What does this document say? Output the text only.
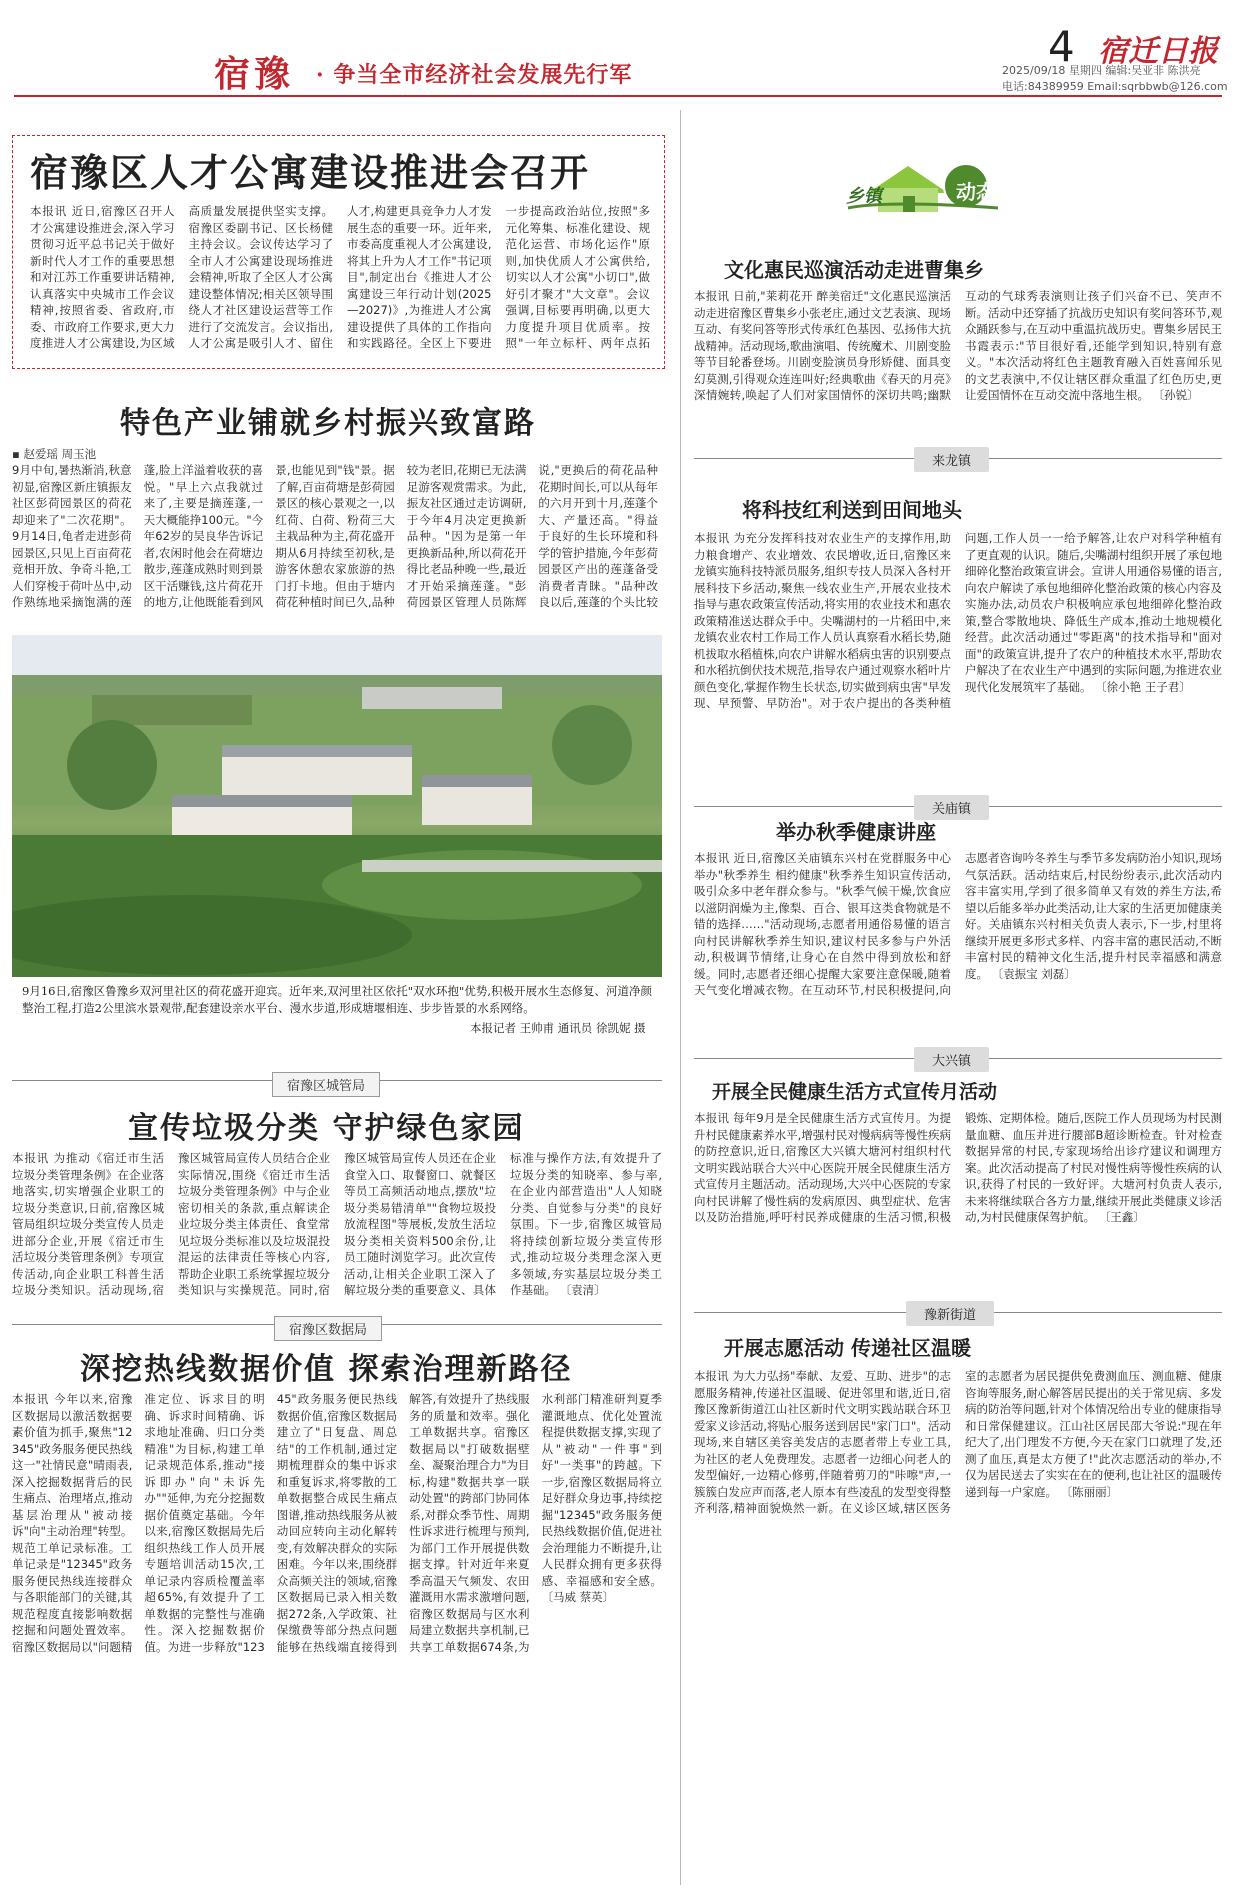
宿豫 · 争当全市经济社会发展先行军
4 宿迁日报
2025/09/18 星期四 编辑:吴亚非 陈洪亮
电话:84389959 Email:sqrbbwb@126.com
宿豫区人才公寓建设推进会召开
本报讯 近日,宿豫区召开人才公寓建设推进会,深入学习贯彻习近平总书记关于做好新时代人才工作的重要思想和对江苏工作重要讲话精神,认真落实中央城市工作会议精神,按照省委、省政府,市委、市政府工作要求,更大力度推进人才公寓建设,为区域高质量发展提供坚实支撑。宿豫区委副书记、区长杨健主持会议。会议传达学习了全市人才公寓建设现场推进会精神,听取了全区人才公寓建设整体情况;相关区领导围绕人才社区建设运营等工作进行了交流发言。会议指出,人才公寓是吸引人才、留住人才,构建更具竞争力人才发展生态的重要一环。近年来,市委高度重视人才公寓建设,将其上升为人才工作"书记项目",制定出台《推进人才公寓建设三年行动计划(2025—2027)》,为推进人才公寓建设提供了具体的工作指向和实践路径。全区上下要进一步提高政治站位,按照"多元化筹集、标准化建设、规范化运营、市场化运作"原则,加快优质人才公寓供给,切实以人才公寓"小切口",做好引才聚才"大文章"。会议强调,目标要再明确,以更大力度提升项目优质率。按照"一年立标杆、两年点拓
特色产业铺就乡村振兴致富路
▪ 赵爱瑶 周玉池
9月中旬,暑热渐消,秋意初显,宿豫区新庄镇振友社区彭荷园景区的荷花却迎来了"二次花期"。9月14日,龟者走进彭荷园景区,只见上百亩荷花竞相开放、争奇斗艳,工人们穿梭于荷叶丛中,动作熟练地采摘饱满的莲蓬,脸上洋溢着收获的喜悦。"早上六点我就过来了,主要是摘莲蓬,一天大概能挣100元。"今年62岁的吴良华告诉记者,农闲时他会在荷塘边散步,莲蓬成熟时则到景区干活赚钱,这片荷花开的地方,让他既能看到风景,也能见到"钱"景。据了解,百亩荷塘是彭荷园景区的核心景观之一,以红荷、白荷、粉荷三大主栽品种为主,荷花盛开期从6月持续至初秋,是游客休憩农家旅游的热门打卡地。但由于塘内荷花种植时间已久,品种较为老旧,花期已无法满足游客观赏需求。为此,振友社区通过走访调研,于今年4月决定更换新品种。"因为是第一年更换新品种,所以荷花开得比老品种晚一些,最近才开始采摘莲蓬。"彭荷园景区管理人员陈辉说,"更换后的荷花品种花期时间长,可以从每年的六月开到十月,莲蓬个大、产量还高。"得益于良好的生长环境和科学的管护措施,今年彭荷园景区产出的莲蓬备受消费者青睐。"品种改良以后,莲蓬的个头比较
9月16日,宿豫区鲁豫乡双河里社区的荷花盛开迎宾。近年来,双河里社区依托"双水环抱"优势,积极开展水生态修复、河道净颜整治工程,打造2公里滨水景观带,配套建设亲水平台、漫水步道,形成塘堰相连、步步皆景的水系网络。
本报记者 王帅甫 通讯员 徐凯妮 摄
宿豫区城管局
宣传垃圾分类 守护绿色家园
本报讯 为推动《宿迁市生活垃圾分类管理条例》在企业落地落实,切实增强企业职工的垃圾分类意识,日前,宿豫区城管局组织垃圾分类宣传人员走进部分企业,开展《宿迁市生活垃圾分类管理条例》专项宣传活动,向企业职工科普生活垃圾分类知识。活动现场,宿豫区城管局宣传人员结合企业实际情况,围绕《宿迁市生活垃圾分类管理条例》中与企业密切相关的条款,重点解读企业垃圾分类主体责任、食堂常见垃圾分类标准以及垃圾混投混运的法律责任等核心内容,帮助企业职工系统掌握垃圾分类知识与实操规范。同时,宿豫区城管局宣传人员还在企业食堂入口、取餐窗口、就餐区等员工高频活动地点,摆放"垃圾分类易错清单""食物垃圾投放流程图"等展板,发放生活垃圾分类相关资料500余份,让员工随时浏览学习。此次宣传活动,让相关企业职工深入了解垃圾分类的重要意义、具体标准与操作方法,有效提升了垃圾分类的知晓率、参与率,在企业内部营造出"人人知晓分类、自觉参与分类"的良好氛围。下一步,宿豫区城管局将持续创新垃圾分类宣传形式,推动垃圾分类理念深入更多领域,夯实基层垃圾分类工作基础。 〔袁清〕
宿豫区数据局
深挖热线数据价值 探索治理新路径
本报讯 今年以来,宿豫区数据局以激活数据要素价值为抓手,聚焦"12345"政务服务便民热线这一"社情民意"晴雨表,深入挖掘数据背后的民生痛点、治理堵点,推动基层治理从"被动接诉"向"主动治理"转型。规范工单记录标准。工单记录是"12345"政务服务便民热线连接群众与各职能部门的关键,其规范程度直接影响数据挖掘和问题处置效率。宿豫区数据局以"问题精准定位、诉求目的明确、诉求时间精确、诉求地址准确、归口分类精准"为目标,构建工单记录规范体系,推动"接诉即办"向"未诉先办""延伸,为充分挖掘数据价值奠定基础。今年以来,宿豫区数据局先后组织热线工作人员开展专题培训活动15次,工单记录内容质检覆盖率超65%,有效提升了工单数据的完整性与准确性。深入挖掘数据价值。为进一步释放"12345"政务服务便民热线数据价值,宿豫区数据局建立了"日复盘、周总结"的工作机制,通过定期梳理群众的集中诉求和重复诉求,将零散的工单数据整合成民生痛点图谱,推动热线服务从被动回应转向主动化解转变,有效解决群众的实际困难。今年以来,围绕群众高频关注的领域,宿豫区数据局已录入相关数据272条,入学政策、社保缴费等部分热点问题能够在热线端直接得到解答,有效提升了热线服务的质量和效率。强化工单数据共享。宿豫区数据局以"打破数据壁垒、凝聚治理合力"为目标,构建"数据共享一联动处置"的跨部门协同体系,对群众季节性、周期性诉求进行梳理与预判,为部门工作开展提供数据支撑。针对近年来夏季高温天气频发、农田灌溉用水需求激增问题,宿豫区数据局与区水利局建立数据共享机制,已共享工单数据674条,为水利部门精准研判夏季灌溉地点、优化处置流程提供数据支撑,实现了从"被动"一件事"到好"一类事"的跨越。下一步,宿豫区数据局将立足好群众身边事,持续挖掘"12345"政务服务便民热线数据价值,促进社会治理能力不断提升,让人民群众拥有更多获得感、幸福感和安全感。 〔马威 蔡英〕
乡镇	动态
文化惠民巡演活动走进曹集乡
本报讯 日前,"莱莉花开 醉美宿迁"文化惠民巡演活动走进宿豫区曹集乡小张老庄,通过文艺表演、现场互动、有奖问答等形式传承红色基因、弘扬伟大抗战精神。活动现场,歌曲演唱、传统魔术、川剧变脸等节目轮番登场。川剧变脸演员身形矫健、面具变幻莫测,引得观众连连叫好;经典歌曲《春天的月亮》深情婉转,唤起了人们对家国情怀的深切共鸣;幽默互动的气球秀表演则让孩子们兴奋不已、笑声不断。活动中还穿插了抗战历史知识有奖问答环节,观众踊跃参与,在互动中重温抗战历史。曹集乡居民王书霞表示:"节目很好看,还能学到知识,特别有意义。"本次活动将红色主题教育融入百姓喜闻乐见的文艺表演中,不仅让辖区群众重温了红色历史,更让爱国情怀在互动交流中落地生根。 〔孙锐〕
来龙镇
将科技红利送到田间地头
本报讯 为充分发挥科技对农业生产的支撑作用,助力粮食增产、农业增效、农民增收,近日,宿豫区来龙镇实施科技特派员服务,组织专技人员深入各村开展科技下乡活动,聚焦一线农业生产,开展农业技术指导与惠农政策宣传活动,将实用的农业技术和惠农政策精准送达群众手中。尖嘴湖村的一片稻田中,来龙镇农业农村工作局工作人员认真察看水稻长势,随机拔取水稻植株,向农户讲解水稻病虫害的识别要点和水稻抗倒伏技术规范,指导农户通过观察水稻叶片颜色变化,掌握作物生长状态,切实做到病虫害"早发现、早预警、早防治"。对于农户提出的各类种植问题,工作人员一一给予解答,让农户对科学种植有了更直观的认识。随后,尖嘴湖村组织开展了承包地细碎化整治政策宣讲会。宣讲人用通俗易懂的语言,向农户解读了承包地细碎化整治政策的核心内容及实施办法,动员农户积极响应承包地细碎化整治政策,整合零散地块、降低生产成本,推动土地规模化经营。此次活动通过"零距离"的技术指导和"面对面"的政策宣讲,提升了农户的种植技术水平,帮助农户解决了在农业生产中遇到的实际问题,为推进农业现代化发展筑牢了基础。 〔徐小艳 王子君〕
关庙镇
举办秋季健康讲座
本报讯 近日,宿豫区关庙镇东兴村在党群服务中心举办"秋季养生 相约健康"秋季养生知识宣传活动,吸引众多中老年群众参与。"秋季气候干燥,饮食应以滋阴润燥为主,像梨、百合、银耳这类食物就是不错的选择……"活动现场,志愿者用通俗易懂的语言向村民讲解秋季养生知识,建议村民多参与户外活动,积极调节情绪,让身心在自然中得到放松和舒缓。同时,志愿者还细心提醒大家要注意保暖,随着天气变化增减衣物。在互动环节,村民积极提问,向志愿者咨询吟冬养生与季节多发病防治小知识,现场气氛活跃。活动结束后,村民纷纷表示,此次活动内容丰富实用,学到了很多简单又有效的养生方法,希望以后能多举办此类活动,让大家的生活更加健康美好。关庙镇东兴村相关负责人表示,下一步,村里将继续开展更多形式多样、内容丰富的惠民活动,不断丰富村民的精神文化生活,提升村民幸福感和满意度。 〔袁振宝 刘磊〕
大兴镇
开展全民健康生活方式宣传月活动
本报讯 每年9月是全民健康生活方式宣传月。为提升村民健康素养水平,增强村民对慢病病等慢性疾病的防控意识,近日,宿豫区大兴镇大塘河村组织村代文明实践站联合大兴中心医院开展全民健康生活方式宣传月主题活动。活动现场,大兴中心医院的专家向村民讲解了慢性病的发病原因、典型症状、危害以及防治措施,呼吁村民养成健康的生活习惯,积极锻炼、定期体检。随后,医院工作人员现场为村民测量血糖、血压并进行腰部B超诊断检查。针对检查数据异常的村民,专家现场给出诊疗建议和调理方案。此次活动提高了村民对慢性病等慢性疾病的认识,获得了村民的一致好评。大塘河村负责人表示,未来将继续联合各方力量,继续开展此类健康义诊活动,为村民健康保驾护航。 〔王鑫〕
豫新街道
开展志愿活动 传递社区温暖
本报讯 为大力弘扬"奉献、友爱、互助、进步"的志愿服务精神,传递社区温暖、促进邻里和谐,近日,宿豫区豫新街道江山社区新时代文明实践站联合环卫爱家义诊活动,将贴心服务送到居民"家门口"。活动现场,来自辖区美容美发店的志愿者带上专业工具,为社区的老人免费理发。志愿者一边细心问老人的发型偏好,一边精心修剪,伴随着剪刀的"咔嚓"声,一簇簇白发应声而落,老人原本有些凌乱的发型变得整齐利落,精神面貌焕然一新。在义诊区域,辖区医务室的志愿者为居民提供免费测血压、测血糖、健康咨询等服务,耐心解答居民提出的关于常见病、多发病的防治等问题,针对个体情况给出专业的健康指导和日常保健建议。江山社区居民邵大爷说:"现在年纪大了,出门理发不方便,今天在家门口就理了发,还测了血压,真是太方便了!"此次志愿活动的举办,不仅为居民送去了实实在在的便利,也让社区的温暖传递到每一户家庭。 〔陈丽丽〕
